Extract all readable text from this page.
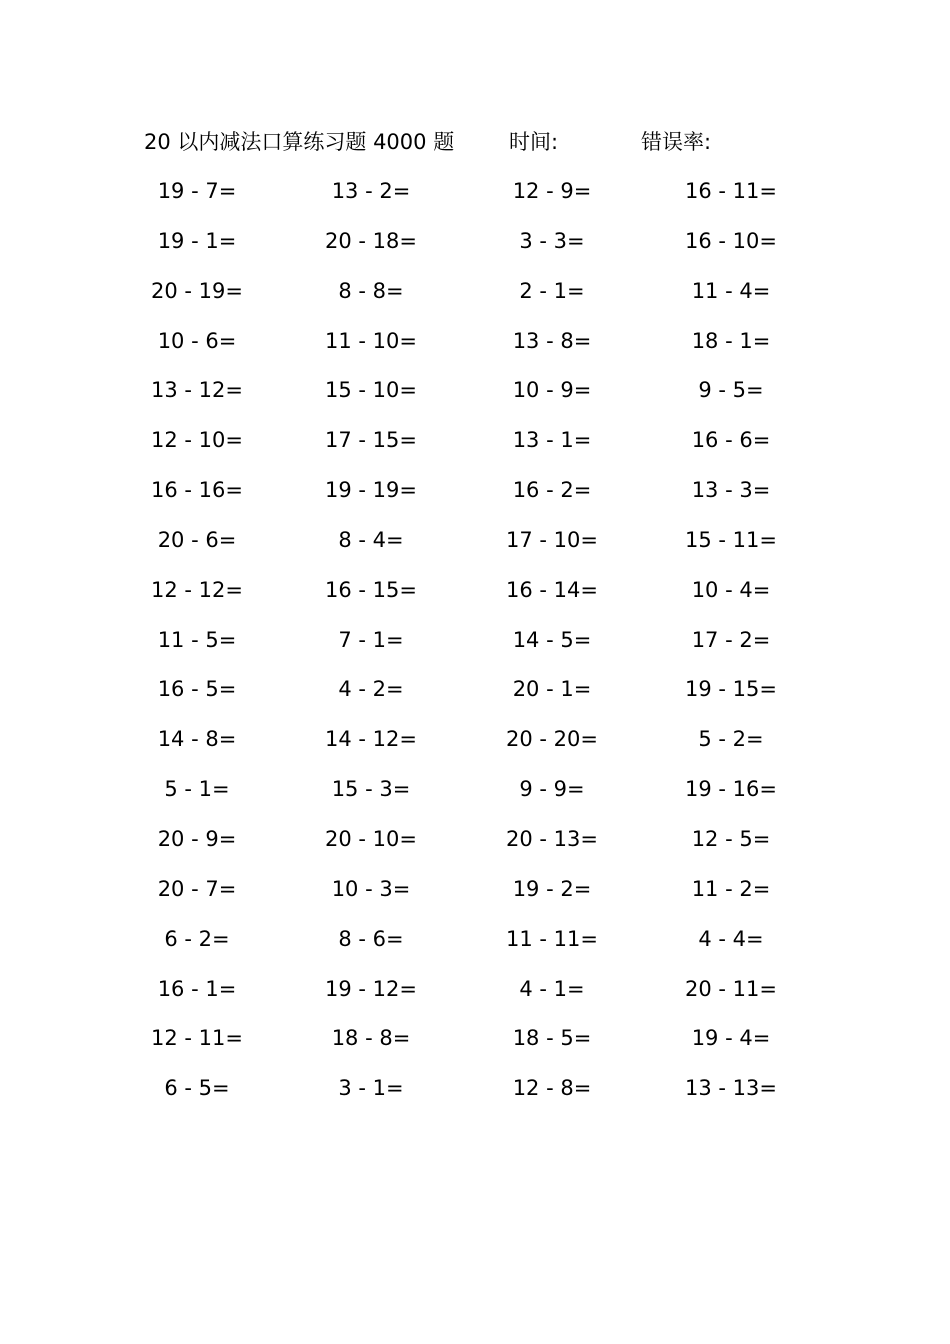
20 以内减法口算练习题 4000 题	时间:	错误率:
19 - 7=	13 - 2=	12 - 9=	16 - 11=
19 - 1=	20 - 18=	3 - 3=	16 - 10=
20 - 19=	8 - 8=	2 - 1=	11 - 4=
10 - 6=	11 - 10=	13 - 8=	18 - 1=
13 - 12=	15 - 10=	10 - 9=	9 - 5=
12 - 10=	17 - 15=	13 - 1=	16 - 6=
16 - 16=	19 - 19=	16 - 2=	13 - 3=
20 - 6=	8 - 4=	17 - 10=	15 - 11=
12 - 12=	16 - 15=	16 - 14=	10 - 4=
11 - 5=	7 - 1=	14 - 5=	17 - 2=
16 - 5=	4 - 2=	20 - 1=	19 - 15=
14 - 8=	14 - 12=	20 - 20=	5 - 2=
5 - 1=	15 - 3=	9 - 9=	19 - 16=
20 - 9=	20 - 10=	20 - 13=	12 - 5=
20 - 7=	10 - 3=	19 - 2=	11 - 2=
6 - 2=	8 - 6=	11 - 11=	4 - 4=
16 - 1=	19 - 12=	4 - 1=	20 - 11=
12 - 11=	18 - 8=	18 - 5=	19 - 4=
6 - 5=	3 - 1=	12 - 8=	13 - 13=
